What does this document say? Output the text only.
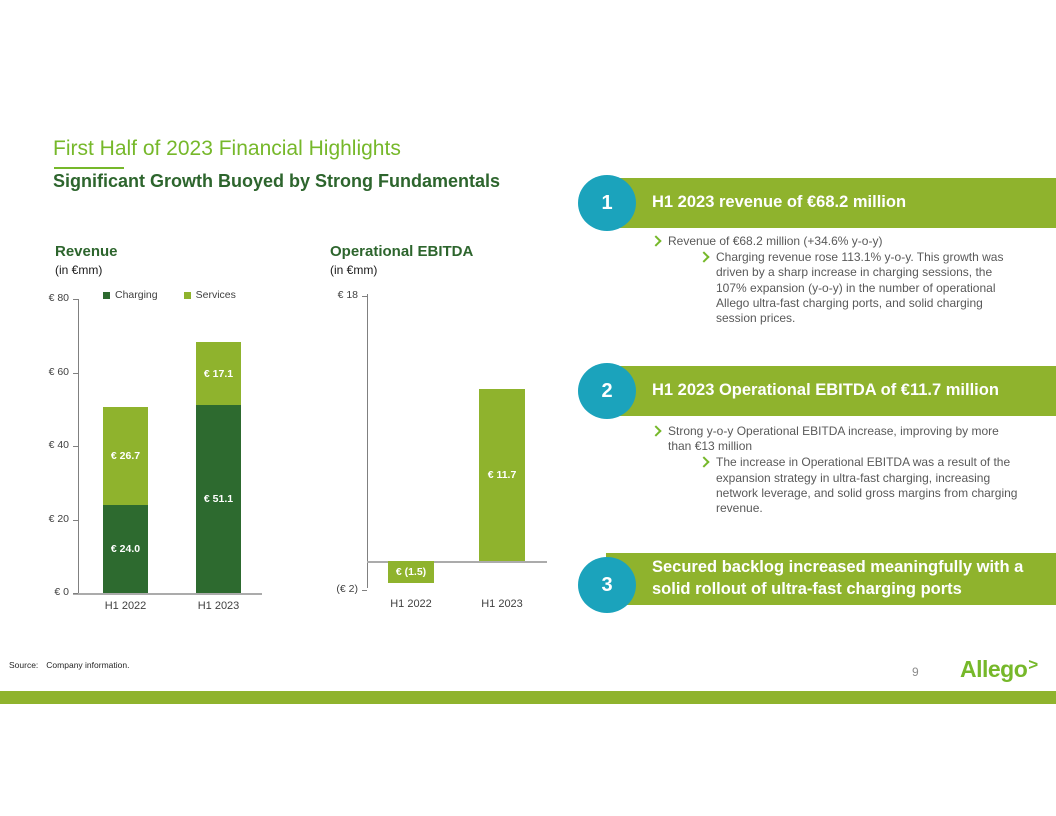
First Half of 2023 Financial Highlights
Significant Growth Buoyed by Strong Fundamentals
Revenue
(in €mm)
Charging	Services
€ 80
€ 60
€ 40
€ 20
€ 0
€ 24.0
€ 26.7
H1 2022
€ 51.1
€ 17.1
H1 2023
Operational EBITDA
(in €mm)
€ 18
(€ 2)
€ (1.5)
H1 2022
€ 11.7
H1 2023
H1 2023 revenue of €68.2 million
1
Revenue of €68.2 million (+34.6% y-o-y)
Charging revenue rose 113.1% y-o-y. This growth was driven by a sharp increase in charging sessions, the 107% expansion (y-o-y) in the number of operational Allego ultra-fast charging ports, and solid charging session prices.
H1 2023 Operational EBITDA of €11.7 million
2
Strong y-o-y Operational EBITDA increase, improving by more than €13 million
The increase in Operational EBITDA was a result of the expansion strategy in ultra-fast charging, increasing network leverage, and solid gross margins from charging revenue.
Secured backlog increased meaningfully with a solid rollout of ultra-fast charging ports
3
Source: Company information.	9 Allego>
